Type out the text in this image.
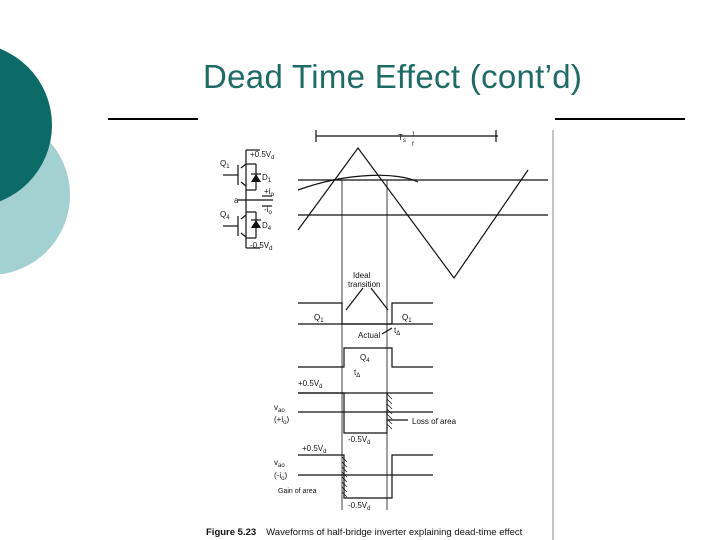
Dead Time Effect (cont’d)
$+0.5V_d$
$Q_1$
$D_1$
a
$+i_o$
$-i_o$
$Q_4$
$D_4$
$-0.5V_d$
$T_s$
1
f
Ideal
transition
$Q_1$	$Q_1$
Actual
$t_\Delta$
$Q_4$
$t_\Delta$
$+0.5V_d$
$v_{ao}$
$(+i_o)$	Loss of area
$-0.5V_d$
$+0.5V_d$
$v_{ao}$
$(-i_o)$
Gain of area
$-0.5V_d$
Figure 5.23 Waveforms of half-bridge inverter explaining dead-time effect
